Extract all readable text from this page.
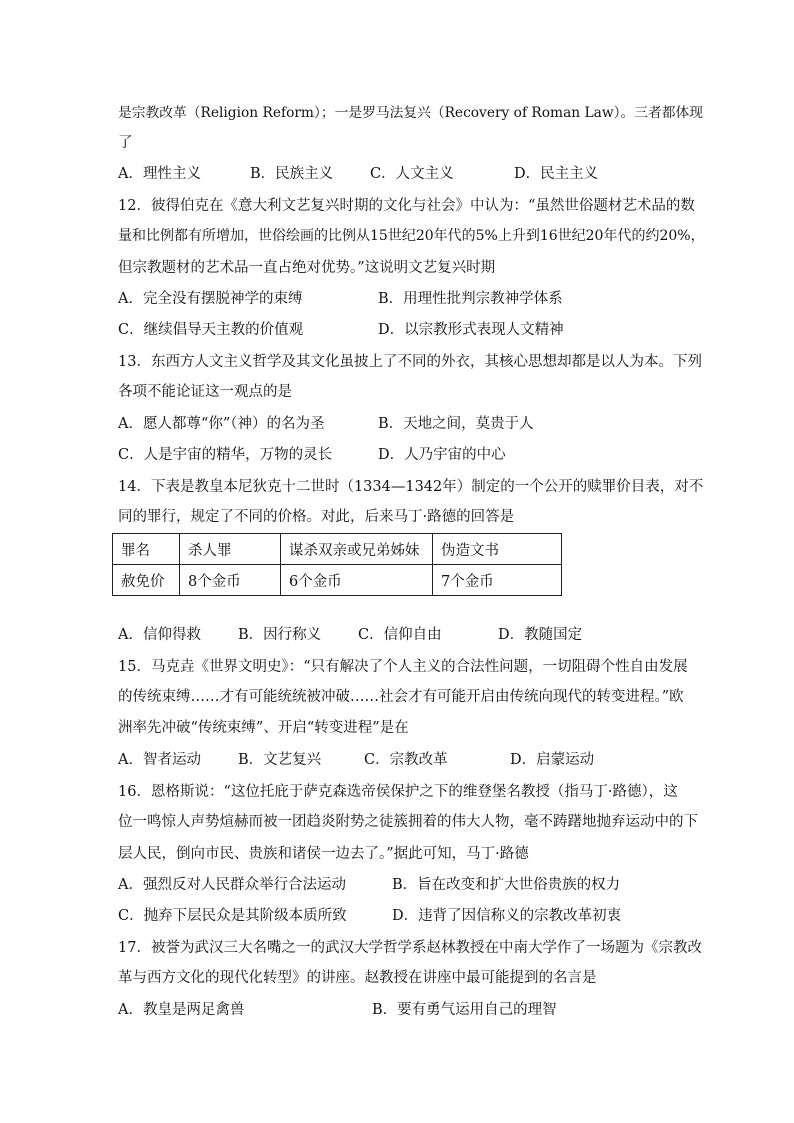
是宗教改革（Religion Reform）；一是罗马法复兴（Recovery of Roman Law）。三者都体现
了
A．理性主义	B．民族主义	C．人文主义	D．民主主义
12．彼得伯克在《意大利文艺复兴时期的文化与社会》中认为：“虽然世俗题材艺术品的数
量和比例都有所增加，世俗绘画的比例从15世纪20年代的5%上升到16世纪20年代的约20%，
但宗教题材的艺术品一直占绝对优势。”这说明文艺复兴时期
A．完全没有摆脱神学的束缚	B．用理性批判宗教神学体系
C．继续倡导天主教的价值观	D．以宗教形式表现人文精神
13．东西方人文主义哲学及其文化虽披上了不同的外衣，其核心思想却都是以人为本。下列
各项不能论证这一观点的是
A．愿人都尊“你”（神）的名为圣	B．天地之间，莫贵于人
C．人是宇宙的精华，万物的灵长	D．人乃宇宙的中心
14．下表是教皇本尼狄克十二世时（1334—1342年）制定的一个公开的赎罪价目表，对不
同的罪行，规定了不同的价格。对此，后来马丁·路德的回答是
罪名	杀人罪	谋杀双亲或兄弟姊妹	伪造文书
赦免价	8个金币	6个金币	7个金币
A．信仰得救	B．因行称义	C．信仰自由	D．教随国定
15．马克垚《世界文明史》：“只有解决了个人主义的合法性问题，一切阻碍个性自由发展
的传统束缚……才有可能统统被冲破……社会才有可能开启由传统向现代的转变进程。”欧
洲率先冲破“传统束缚”、开启“转变进程”是在
A．智者运动	B．文艺复兴	C．宗教改革	D．启蒙运动
16．恩格斯说：“这位托庇于萨克森选帝侯保护之下的维登堡名教授（指马丁·路德），这
位一鸣惊人声势煊赫而被一团趋炎附势之徒簇拥着的伟大人物，毫不踌躇地抛弃运动中的下
层人民，倒向市民、贵族和诸侯一边去了。”据此可知，马丁·路德
A．强烈反对人民群众举行合法运动	B．旨在改变和扩大世俗贵族的权力
C．抛弃下层民众是其阶级本质所致	D．违背了因信称义的宗教改革初衷
17．被誉为武汉三大名嘴之一的武汉大学哲学系赵林教授在中南大学作了一场题为《宗教改
革与西方文化的现代化转型》的讲座。赵教授在讲座中最可能提到的名言是
A．教皇是两足禽兽	B．要有勇气运用自己的理智
